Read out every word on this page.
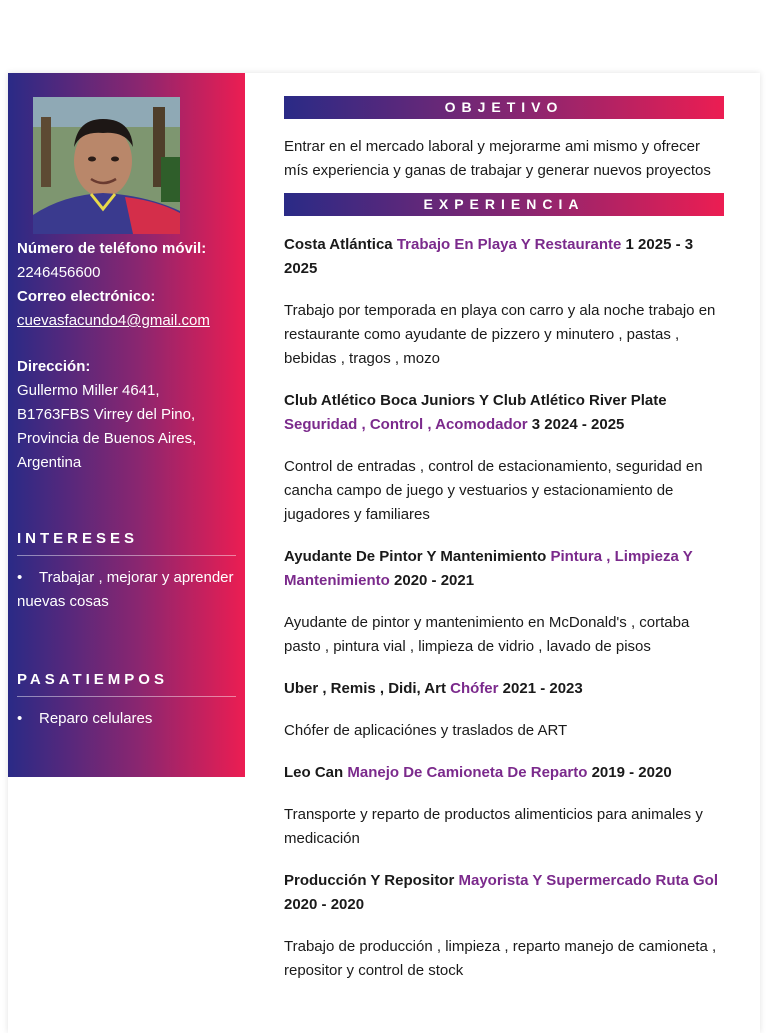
Número de teléfono móvil:
2246456600
Correo electrónico:
cuevasfacundo4@gmail.com
Dirección:
Gullermo Miller 4641,
B1763FBS Virrey del Pino,
Provincia de Buenos Aires,
Argentina
INTERESES
• Trabajar , mejorar y aprender nuevas cosas
PASATIEMPOS
• Reparo celulares
OBJETIVO

Entrar en el mercado laboral y mejorarme ami mismo y ofrecer mís experiencia y ganas de trabajar y generar nuevos proyectos

EXPERIENCIA

Costa Atlántica Trabajo En Playa Y Restaurante 1 2025 - 3 2025

Trabajo por temporada en playa con carro y ala noche trabajo en restaurante como ayudante de pizzero y minutero , pastas , bebidas , tragos , mozo

Club Atlético Boca Juniors Y Club Atlético River Plate Seguridad , Control , Acomodador 3 2024 - 2025

Control de entradas , control de estacionamiento, seguridad en cancha campo de juego y vestuarios y estacionamiento de jugadores y familiares

Ayudante De Pintor Y Mantenimiento Pintura , Limpieza Y Mantenimiento 2020 - 2021

Ayudante de pintor y mantenimiento en McDonald's , cortaba pasto , pintura vial , limpieza de vidrio , lavado de pisos

Uber , Remis , Didi, Art Chófer 2021 - 2023

Chófer de aplicaciónes y traslados de ART

Leo Can Manejo De Camioneta De Reparto 2019 - 2020

Transporte y reparto de productos alimenticios para animales y medicación

Producción Y Repositor Mayorista Y Supermercado Ruta Gol 2020 - 2020

Trabajo de producción , limpieza , reparto manejo de camioneta , repositor y control de stock
